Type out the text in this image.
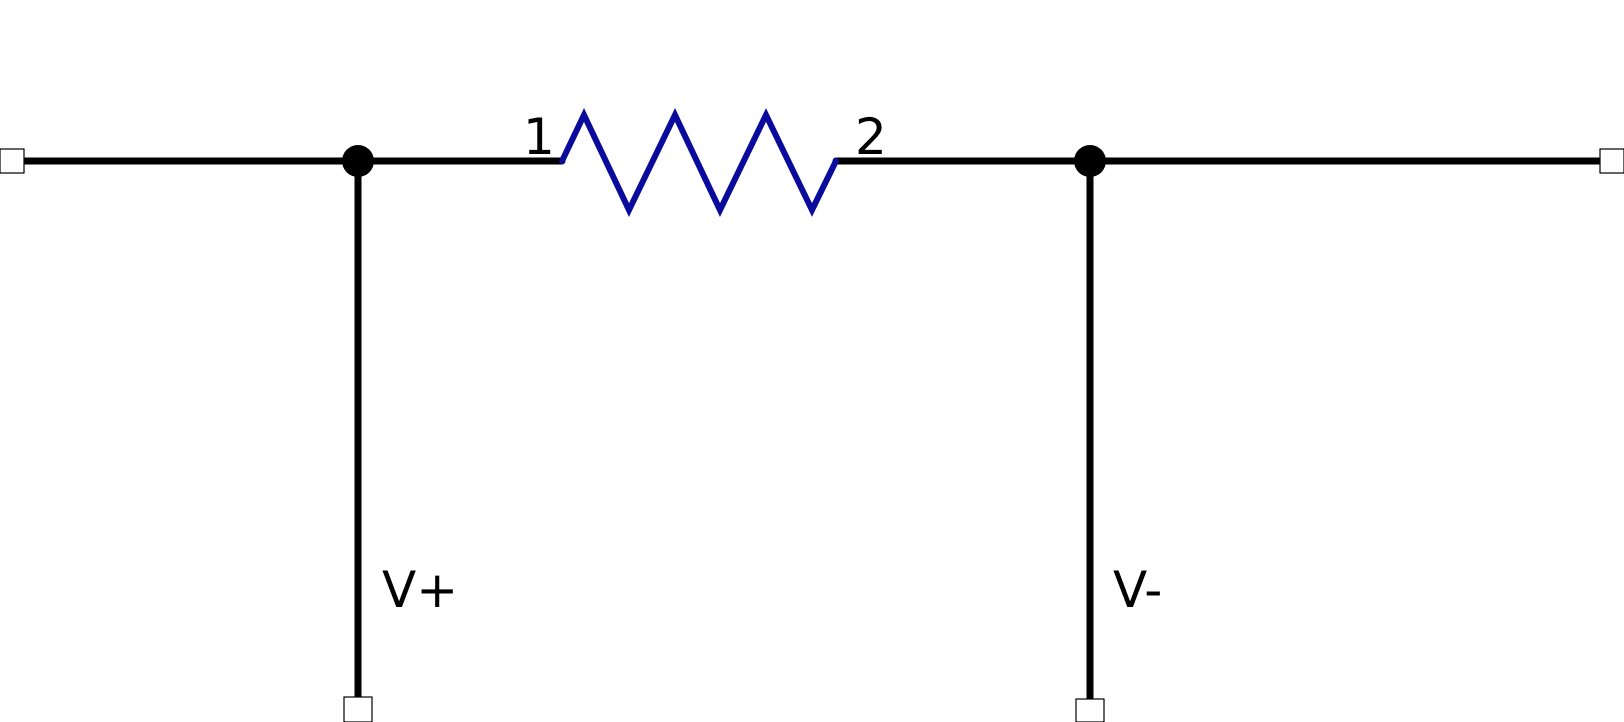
1	2
V+	V-
